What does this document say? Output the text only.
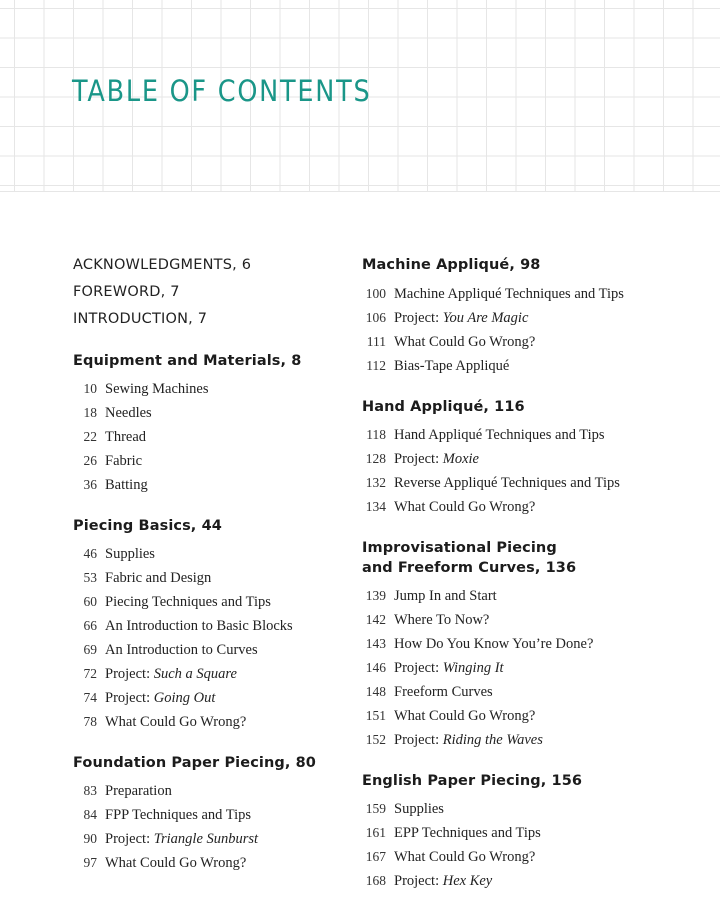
TABLE OF CONTENTS
ACKNOWLEDGMENTS, 6
FOREWORD, 7
INTRODUCTION, 7
Equipment and Materials, 8
10 Sewing Machines
18 Needles
22 Thread
26 Fabric
36 Batting
Piecing Basics, 44
46 Supplies
53 Fabric and Design
60 Piecing Techniques and Tips
66 An Introduction to Basic Blocks
69 An Introduction to Curves
72 Project: Such a Square
74 Project: Going Out
78 What Could Go Wrong?
Foundation Paper Piecing, 80
83 Preparation
84 FPP Techniques and Tips
90 Project: Triangle Sunburst
97 What Could Go Wrong?
Machine Appliqué, 98
100 Machine Appliqué Techniques and Tips
106 Project: You Are Magic
111 What Could Go Wrong?
112 Bias-Tape Appliqué
Hand Appliqué, 116
118 Hand Appliqué Techniques and Tips
128 Project: Moxie
132 Reverse Appliqué Techniques and Tips
134 What Could Go Wrong?
Improvisational Piecing
and Freeform Curves, 136
139 Jump In and Start
142 Where To Now?
143 How Do You Know You’re Done?
146 Project: Winging It
148 Freeform Curves
151 What Could Go Wrong?
152 Project: Riding the Waves
English Paper Piecing, 156
159 Supplies
161 EPP Techniques and Tips
167 What Could Go Wrong?
168 Project: Hex Key
